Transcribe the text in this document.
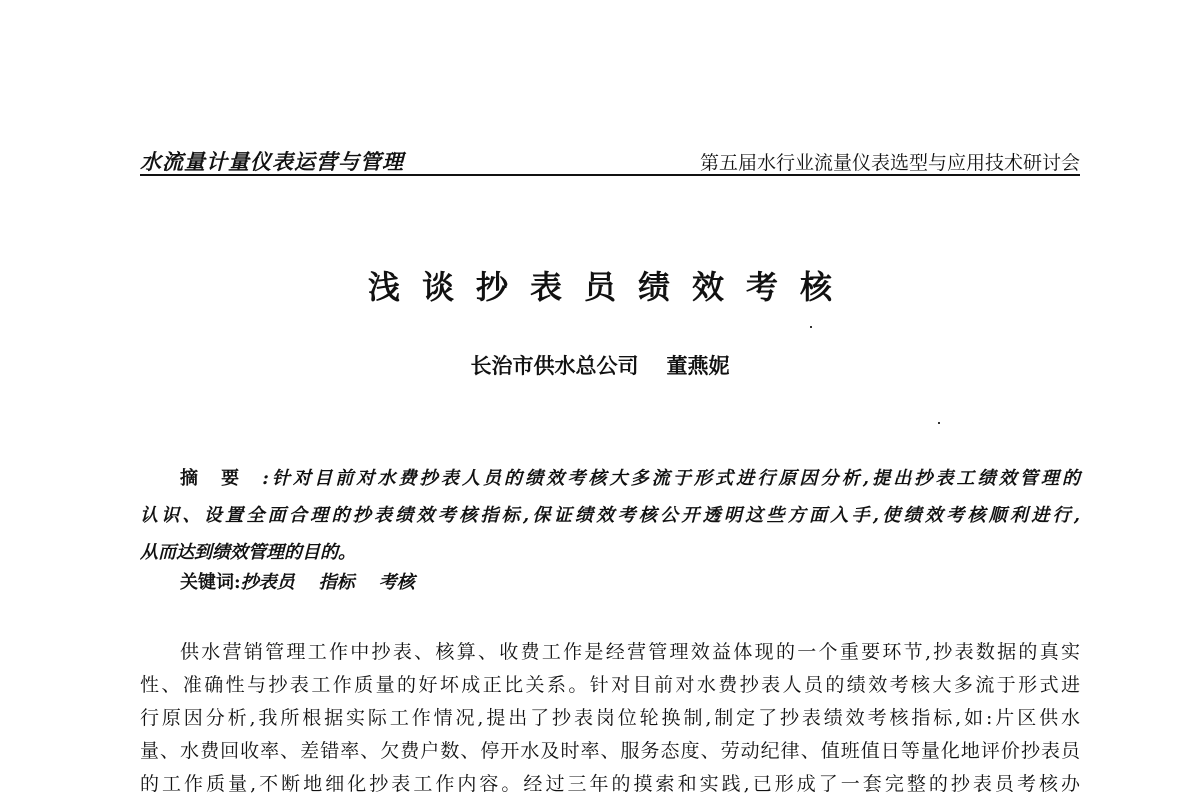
水流量计量仪表运营与管理	第五届水行业流量仪表选型与应用技术研讨会
浅谈抄表员绩效考核
长治市供水总公司 董燕妮
摘要:针对目前对水费抄表人员的绩效考核大多流于形式进行原因分析,提出抄表工绩效管理的
认识、设置全面合理的抄表绩效考核指标,保证绩效考核公开透明这些方面入手,使绩效考核顺利进行,
从而达到绩效管理的目的。
关键词:抄表员 指标 考核
供水营销管理工作中抄表、核算、收费工作是经营管理效益体现的一个重要环节,抄表数据的真实
性、准确性与抄表工作质量的好坏成正比关系。针对目前对水费抄表人员的绩效考核大多流于形式进
行原因分析,我所根据实际工作情况,提出了抄表岗位轮换制,制定了抄表绩效考核指标,如:片区供水
量、水费回收率、差错率、欠费户数、停开水及时率、服务态度、劳动纪律、值班值日等量化地评价抄表员
的工作质量,不断地细化抄表工作内容。经过三年的摸索和实践,已形成了一套完整的抄表员考核办
